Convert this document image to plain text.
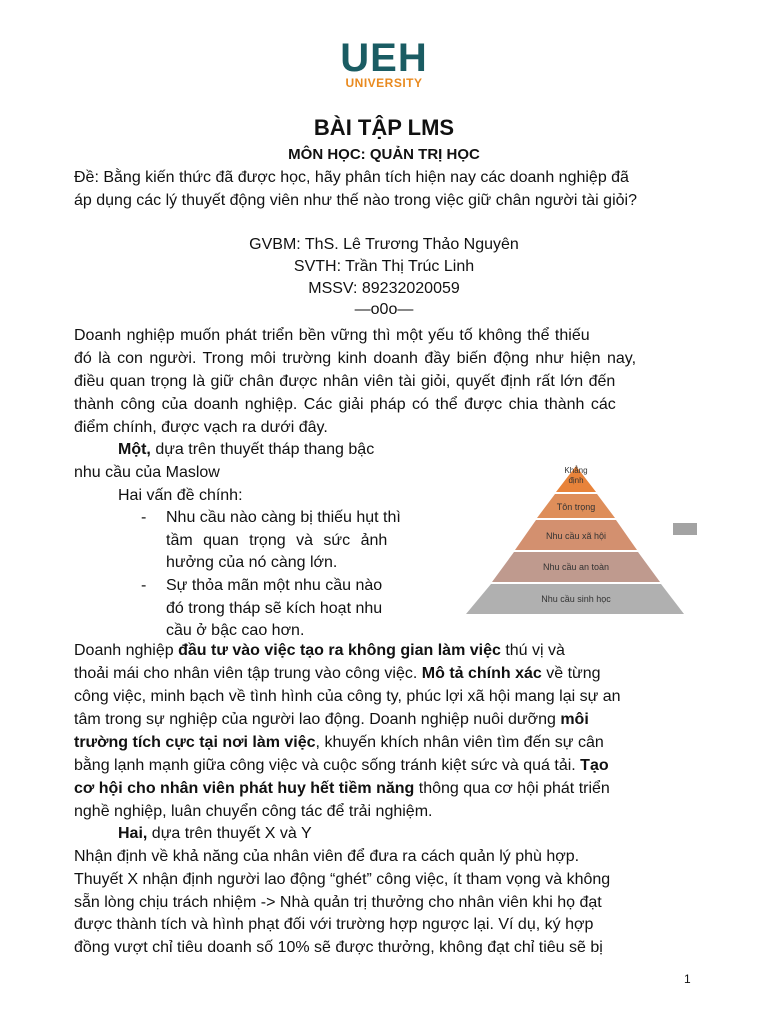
UEH
UNIVERSITY
BÀI TẬP LMS
MÔN HỌC: QUẢN TRỊ HỌC
Đề: Bằng kiến thức đã được học, hãy phân tích hiện nay các doanh nghiệp đã
áp dụng các lý thuyết động viên như thế nào trong việc giữ chân người tài giỏi?
GVBM: ThS. Lê Trương Thảo Nguyên
SVTH: Trần Thị Trúc Linh
MSSV: 89232020059
—o0o—
Doanh nghiệp muốn phát triển bền vững thì một yếu tố không thể thiếu
đó là con người. Trong môi trường kinh doanh đầy biến động như hiện nay,
điều quan trọng là giữ chân được nhân viên tài giỏi, quyết định rất lớn đến
thành công của doanh nghiệp. Các giải pháp có thể được chia thành các
điểm chính, được vạch ra dưới đây.
Một, dựa trên thuyết tháp thang bậc
nhu cầu của Maslow
Hai vấn đề chính:
-	Nhu cầu nào càng bị thiếu hụt thì
tầm quan trọng và sức ảnh
hưởng của nó càng lớn.
-	Sự thỏa mãn một nhu cầu nào
đó trong tháp sẽ kích hoạt nhu
cầu ở bậc cao hơn.
Khẳng
định
Tôn trọng
Nhu cầu xã hội
Nhu cầu an toàn
Nhu cầu sinh học
Doanh nghiệp đầu tư vào việc tạo ra không gian làm việc thú vị và
thoải mái cho nhân viên tập trung vào công việc. Mô tả chính xác về từng
công việc, minh bạch về tình hình của công ty, phúc lợi xã hội mang lại sự an
tâm trong sự nghiệp của người lao động. Doanh nghiệp nuôi dưỡng môi
trường tích cực tại nơi làm việc, khuyến khích nhân viên tìm đến sự cân
bằng lạnh mạnh giữa công việc và cuộc sống tránh kiệt sức và quá tải. Tạo
cơ hội cho nhân viên phát huy hết tiềm năng thông qua cơ hội phát triển
nghề nghiệp, luân chuyển công tác để trải nghiệm.
Hai, dựa trên thuyết X và Y
Nhận định về khả năng của nhân viên để đưa ra cách quản lý phù hợp.
Thuyết X nhận định người lao động “ghét” công việc, ít tham vọng và không
sẵn lòng chịu trách nhiệm -> Nhà quản trị thưởng cho nhân viên khi họ đạt
được thành tích và hình phạt đối với trường hợp ngược lại. Ví dụ, ký hợp
đồng vượt chỉ tiêu doanh số 10% sẽ được thưởng, không đạt chỉ tiêu sẽ bị
1
